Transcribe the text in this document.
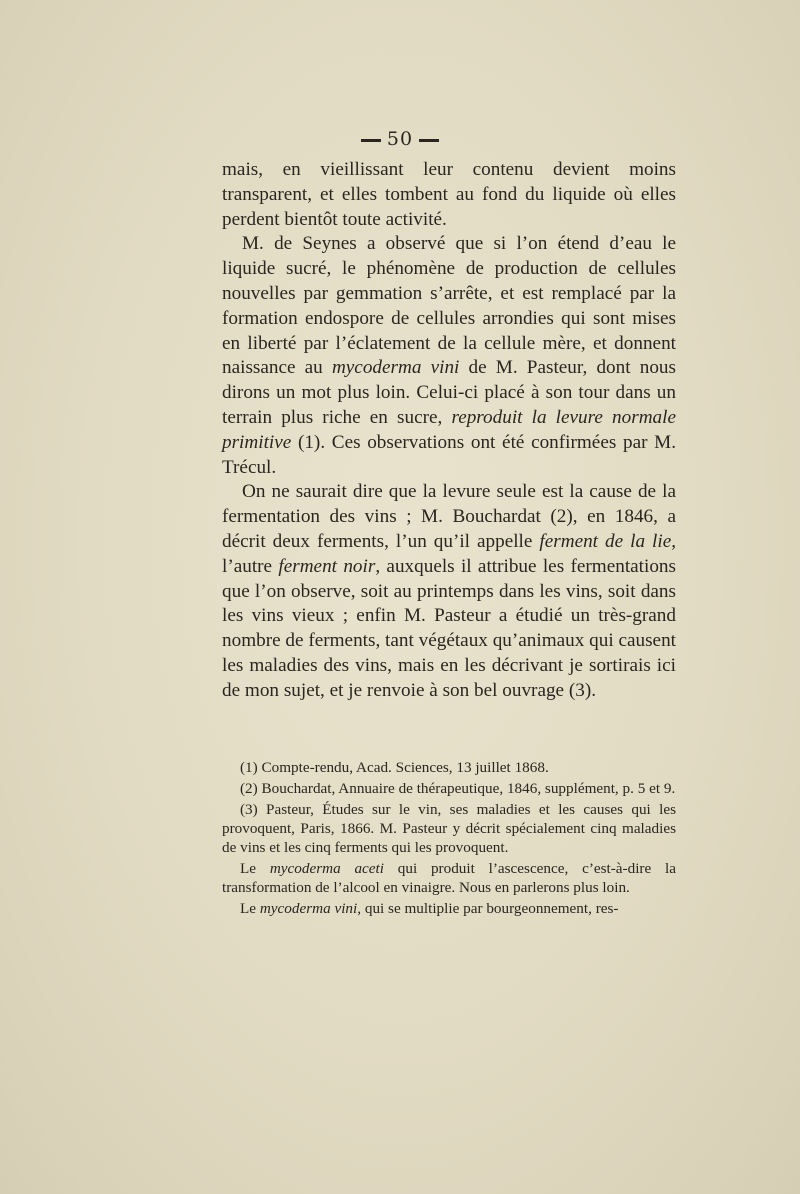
50

mais, en vieillissant leur contenu devient moins transparent, et elles tombent au fond du liquide où elles perdent bientôt toute activité.

M. de Seynes a observé que si l’on étend d’eau le liquide sucré, le phénomène de production de cellules nouvelles par gemmation s’arrête, et est remplacé par la formation endospore de cellules arrondies qui sont mises en liberté par l’éclatement de la cellule mère, et donnent naissance au mycoderma vini de M. Pasteur, dont nous dirons un mot plus loin. Celui-ci placé à son tour dans un terrain plus riche en sucre, reproduit la levure normale primitive (1). Ces observations ont été confirmées par M. Trécul.

On ne saurait dire que la levure seule est la cause de la fermentation des vins ; M. Bouchardat (2), en 1846, a décrit deux ferments, l’un qu’il appelle ferment de la lie, l’autre ferment noir, auxquels il attribue les fermentations que l’on observe, soit au printemps dans les vins, soit dans les vins vieux ; enfin M. Pasteur a étudié un très-grand nombre de ferments, tant végétaux qu’animaux qui causent les maladies des vins, mais en les décrivant je sortirais ici de mon sujet, et je renvoie à son bel ouvrage (3).

(1) Compte-rendu, Acad. Sciences, 13 juillet 1868.

(2) Bouchardat, Annuaire de thérapeutique, 1846, supplément, p. 5 et 9.

(3) Pasteur, Études sur le vin, ses maladies et les causes qui les provoquent, Paris, 1866. M. Pasteur y décrit spécialement cinq maladies de vins et les cinq ferments qui les provoquent.

Le mycoderma aceti qui produit l’ascescence, c’est-à-dire la transformation de l’alcool en vinaigre. Nous en parlerons plus loin.

Le mycoderma vini, qui se multiplie par bourgeonnement, res-
